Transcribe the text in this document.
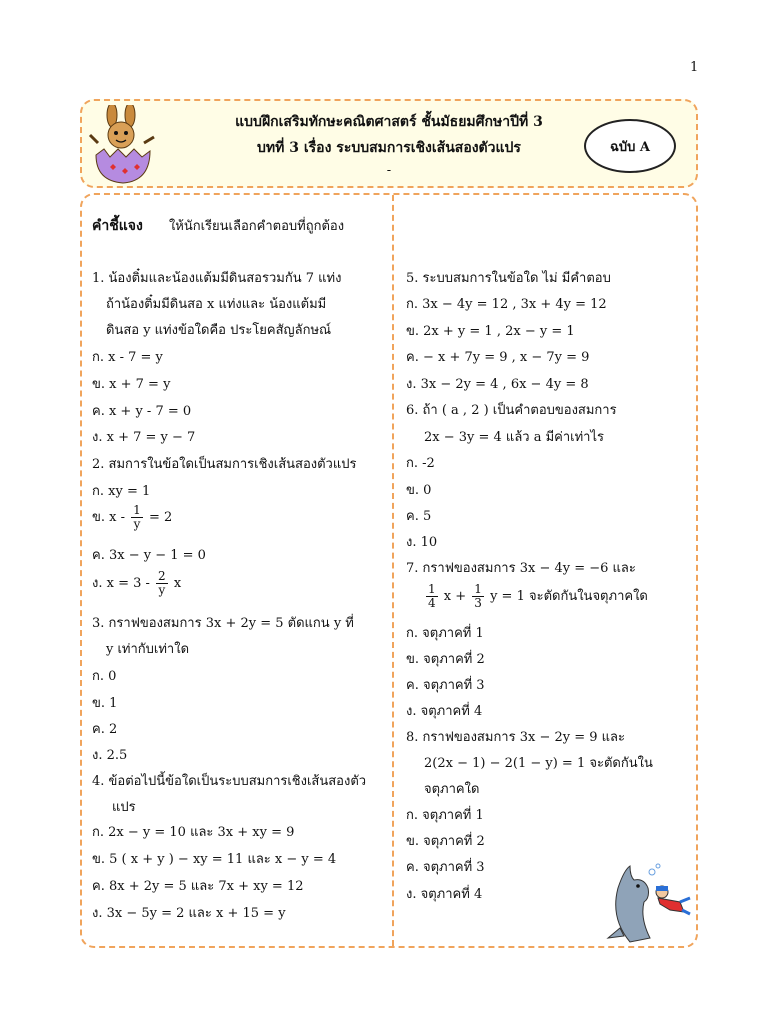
1
แบบฝึกเสริมทักษะคณิตศาสตร์ ชั้นมัธยมศึกษาปีที่ 3
บทที่ 3 เรื่อง ระบบสมการเชิงเส้นสองตัวแปร
-
ฉบับ A
คำชี้แจง ให้นักเรียนเลือกคำตอบที่ถูกต้อง
1. น้องติ๋มและน้องแต้มมีดินสอรวมกัน 7 แท่ง
ถ้าน้องติ๋มมีดินสอ x แท่งและ น้องแต้มมี
ดินสอ y แท่งข้อใดคือ ประโยคสัญลักษณ์
ก. x - 7 = y
ข. x + 7 = y
ค. x + y - 7 = 0
ง. x + 7 = y − 7
2. สมการในข้อใดเป็นสมการเชิงเส้นสองตัวแปร
ก. xy = 1
ข. $x - \frac{1}{y} = 2$
ค. 3x − y − 1 = 0
ง. $x = 3 - \frac{2}{y}$ x
3. กราฟของสมการ 3x + 2y = 5 ตัดแกน y ที่
y เท่ากับเท่าใด
ก. 0
ข. 1
ค. 2
ง. 2.5
4. ข้อต่อไปนี้ข้อใดเป็นระบบสมการเชิงเส้นสองตัว
แปร
ก. 2x − y = 10 และ 3x + xy = 9
ข. 5 ( x + y ) − xy = 11 และ x − y = 4
ค. 8x + 2y = 5 และ 7x + xy = 12
ง. 3x − 5y = 2 และ x + 15 = y
5. ระบบสมการในข้อใด ไม่ มีคำตอบ
ก. 3x − 4y = 12 , 3x + 4y = 12
ข. 2x + y = 1 , 2x − y = 1
ค. − x + 7y = 9 , x − 7y = 9
ง. 3x − 2y = 4 , 6x − 4y = 8
6. ถ้า ( a , 2 ) เป็นคำตอบของสมการ
2x − 3y = 4 แล้ว a มีค่าเท่าไร
ก. -2
ข. 0
ค. 5
ง. 10
7. กราฟของสมการ 3x − 4y = −6 และ
$\frac{1}{4}$ $x + \frac{1}{3}$ y = 1 จะตัดกันในจตุภาคใด
ก. จตุภาคที่ 1
ข. จตุภาคที่ 2
ค. จตุภาคที่ 3
ง. จตุภาคที่ 4
8. กราฟของสมการ 3x − 2y = 9 และ
2(2x − 1) − 2(1 − y) = 1 จะตัดกันใน
จตุภาคใด
ก. จตุภาคที่ 1
ข. จตุภาคที่ 2
ค. จตุภาคที่ 3
ง. จตุภาคที่ 4
